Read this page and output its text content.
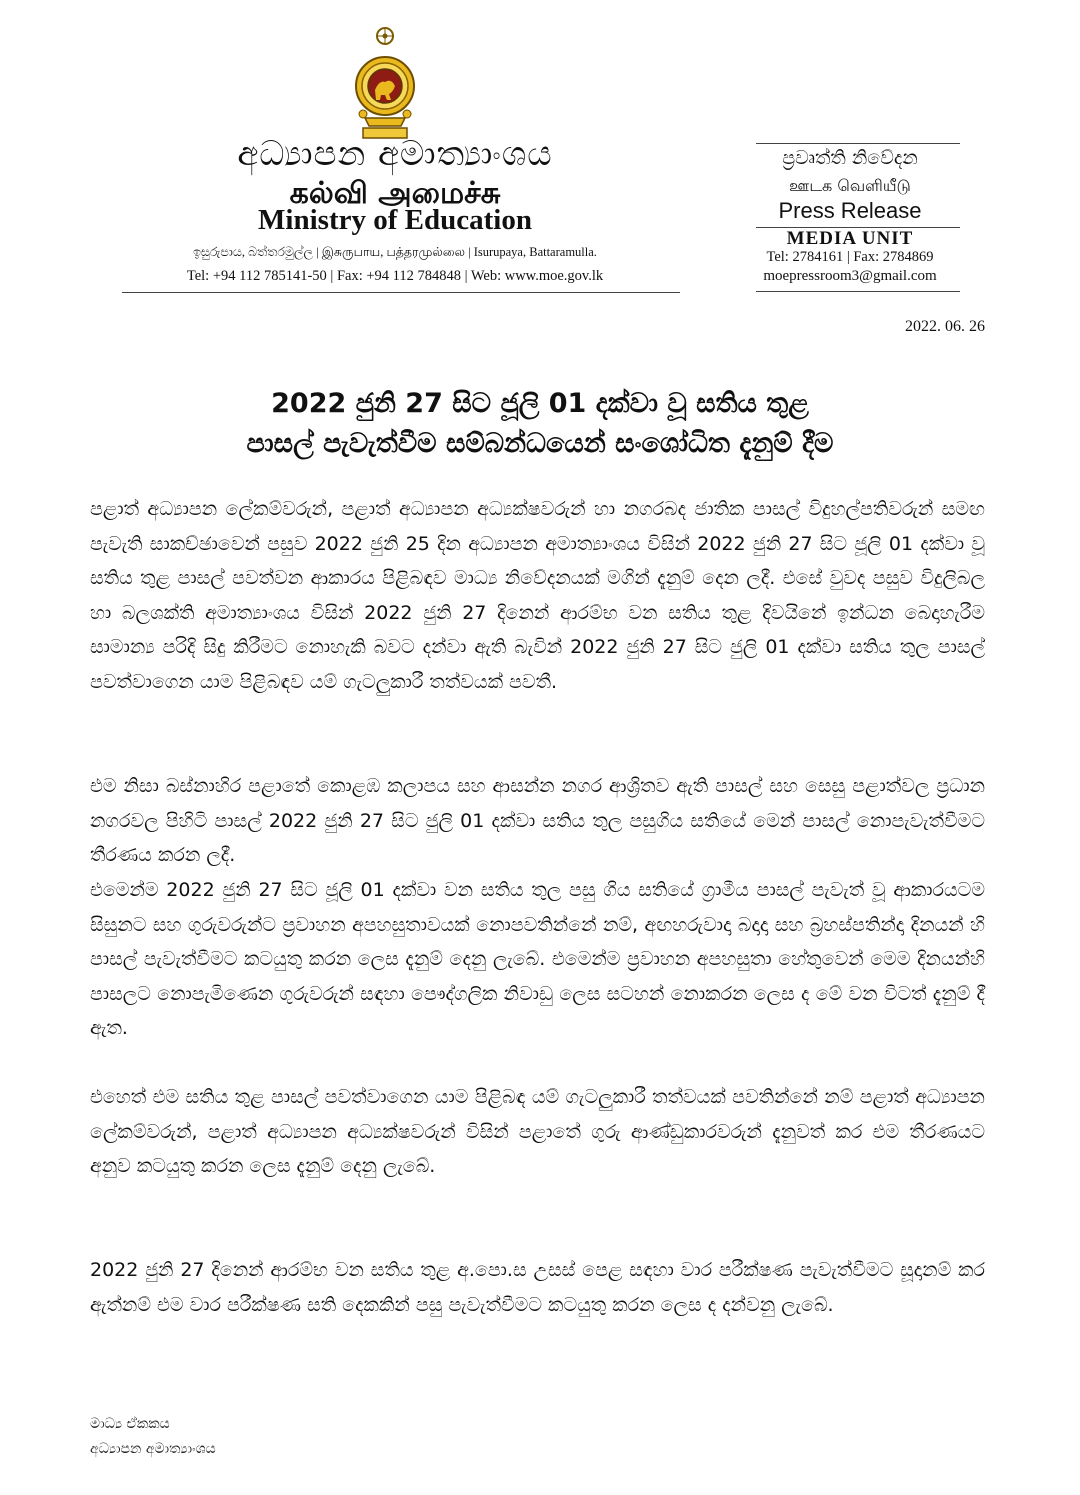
අධ්‍යාපන අමාත්‍යාංශය
கல்வி அமைச்சு
Ministry of Education
ඉසුරුපාය, බත්තරමුල්ල | இசுருபாய, பத்தரமுல்லை | Isurupaya, Battaramulla.
Tel: +94 112 785141-50 | Fax: +94 112 784848 | Web: www.moe.gov.lk
ප්‍රවෘත්ති නිවේදන
ஊடக வெளியீடு
Press Release
MEDIA UNIT
Tel: 2784161 | Fax: 2784869
moepressroom3@gmail.com
2022. 06. 26
2022 ජුනි 27 සිට ජූලි 01 දක්වා වූ සතිය තුළ
පාසල් පැවැත්වීම සම්බන්ධයෙන් සංශෝධිත දැනුම් දීම
පළාත් අධ්‍යාපන ලේකම්වරුන්, පළාත් අධ්‍යාපන අධ්‍යක්ෂවරුන් හා නගරබද ජාතික පාසල් විදුහල්පතිවරුන් සමඟ පැවැති සාකච්ඡාවෙන් පසුව 2022 ජුනි 25 දින අධ්‍යාපන අමාත්‍යාංශය විසින් 2022 ජුනි 27 සිට ජූලි 01 දක්වා වූ සතිය තුළ පාසල් පවත්වන ආකාරය පිළිබඳව මාධ්‍ය නිවේදනයක් මගින් දැනුම් දෙන ලදී. එසේ වුවද පසුව විදුලිබල හා බලශක්ති අමාත්‍යාංශය විසින් 2022 ජුනි 27 දිනෙන් ආරම්භ වන සතිය තුළ දිවයිනේ ඉන්ධන බෙදාහැරීම සාමාන්‍ය පරිදි සිදු කිරීමට නොහැකි බවට දන්වා ඇති බැවින් 2022 ජුනි 27 සිට ජුලි 01 දක්වා සතිය තුල පාසල් පවත්වාගෙන යාම පිළිබඳව යම් ගැටලුකාරී තත්වයක් පවතී.
එම නිසා බස්නාහිර පළාතේ කොළඹ කලාපය සහ ආසන්න නගර ආශ්‍රිතව ඇති පාසල් සහ සෙසු පළාත්වල ප්‍රධාන නගරවල පිහිටි පාසල් 2022 ජුනි 27 සිට ජුලි 01 දක්වා සතිය තුල පසුගිය සතියේ මෙන් පාසල් නොපැවැත්වීමට තීරණය කරන ලදී.
එමෙන්ම 2022 ජුනි 27 සිට ජූලි 01 දක්වා වන සතිය තුල පසු ගිය සතියේ ග්‍රාමීය පාසල් පැවැත් වූ ආකාරයටම සිසුනට සහ ගුරුවරුන්ට ප්‍රවාහන අපහසුතාවයක් නොපවතින්නේ නම්, අඟහරුවාදා බදාදා සහ බ්‍රහස්පතින්දා දිනයන් හි පාසල් පැවැත්වීමට කටයුතු කරන ලෙස දැනුම් දෙනු ලැබේ. එමෙන්ම ප්‍රවාහන අපහසුතා හේතුවෙන් මෙම දිනයන්හි පාසලට නොපැමිණෙන ගුරුවරුන් සඳහා පෞද්ගලික නිවාඩු ලෙස සටහන් නොකරන ලෙස ද මේ වන විටත් දැනුම් දී ඇත.
එහෙත් එම සතිය තුළ පාසල් පවත්වාගෙන යාම පිළිබඳ යම් ගැටලුකාරී තත්වයක් පවතින්නේ නම් පළාත් අධ්‍යාපන ලේකම්වරුන්, පළාත් අධ්‍යාපන අධ්‍යක්ෂවරුන් විසින් පළාතේ ගුරු ආණ්ඩුකාරවරුන් දැනුවත් කර එම තීරණයට අනුව කටයුතු කරන ලෙස දැනුම් දෙනු ලැබේ.
2022 ජුනි 27 දිනෙන් ආරම්භ වන සතිය තුළ අ.පො.ස උසස් පෙළ සඳහා වාර පරීක්ෂණ පැවැත්වීමට සූදානම් කර ඇත්නම් එම වාර පරීක්ෂණ සති දෙකකින් පසු පැවැත්වීමට කටයුතු කරන ලෙස ද දන්වනු ලැබේ.
මාධ්‍ය ඒකකය
අධ්‍යාපන අමාත්‍යාංශය
